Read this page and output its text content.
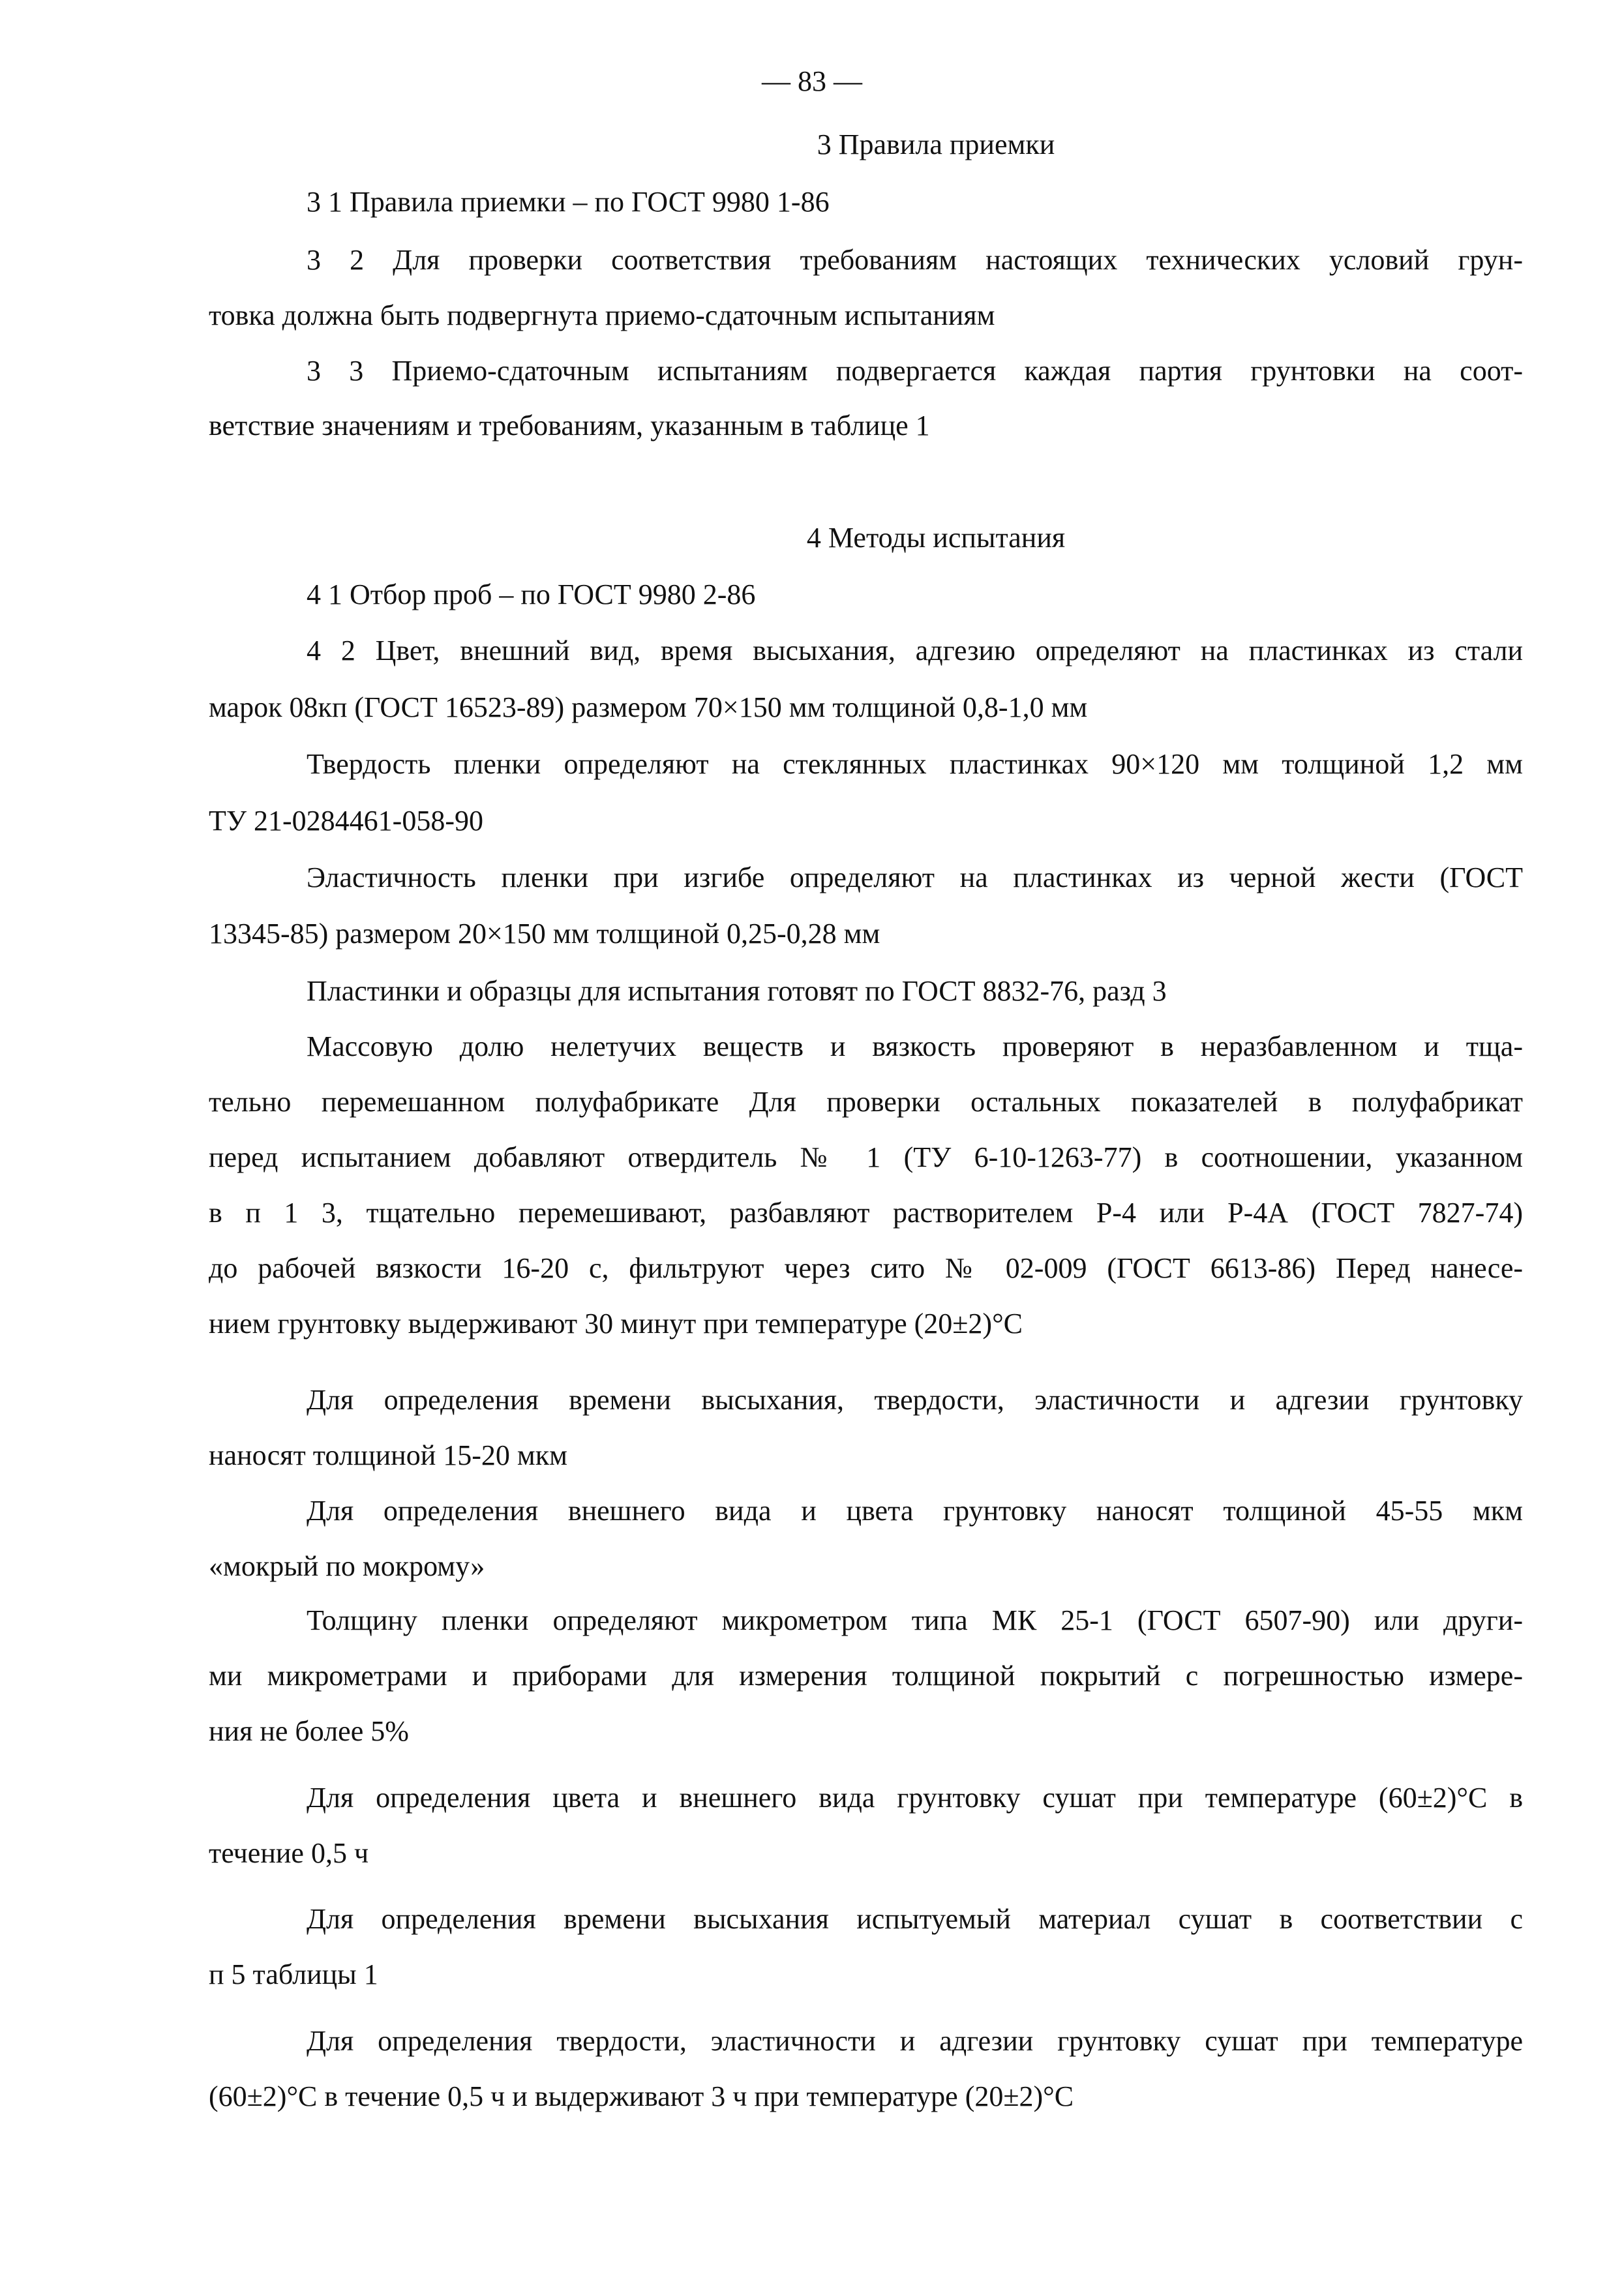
— 83 —
3 Правила приемки
3 1 Правила приемки – по ГОСТ 9980 1-86
3 2 Для проверки соответствия требованиям настоящих технических условий грун-
товка должна быть подвергнута приемо-сдаточным испытаниям
3 3 Приемо-сдаточным испытаниям подвергается каждая партия грунтовки на соот-
ветствие значениям и требованиям, указанным в таблице 1
4 Методы испытания
4 1 Отбор проб – по ГОСТ 9980 2-86
4 2 Цвет, внешний вид, время высыхания, адгезию определяют на пластинках из стали
марок 08кп (ГОСТ 16523-89) размером 70×150 мм толщиной 0,8-1,0 мм
Твердость пленки определяют на стеклянных пластинках 90×120 мм толщиной 1,2 мм
ТУ 21-0284461-058-90
Эластичность пленки при изгибе определяют на пластинках из черной жести (ГОСТ
13345-85) размером 20×150 мм толщиной 0,25-0,28 мм
Пластинки и образцы для испытания готовят по ГОСТ 8832-76, разд 3
Массовую долю нелетучих веществ и вязкость проверяют в неразбавленном и тща-
тельно перемешанном полуфабрикате Для проверки остальных показателей в полуфабрикат
перед испытанием добавляют отвердитель № 1 (ТУ 6-10-1263-77) в соотношении, указанном
в п 1 3, тщательно перемешивают, разбавляют растворителем Р-4 или Р-4А (ГОСТ 7827-74)
до рабочей вязкости 16-20 с, фильтруют через сито № 02-009 (ГОСТ 6613-86) Перед нанесе-
нием грунтовку выдерживают 30 минут при температуре (20±2)°С
Для определения времени высыхания, твердости, эластичности и адгезии грунтовку
наносят толщиной 15-20 мкм
Для определения внешнего вида и цвета грунтовку наносят толщиной 45-55 мкм
«мокрый по мокрому»
Толщину пленки определяют микрометром типа МК 25-1 (ГОСТ 6507-90) или други-
ми микрометрами и приборами для измерения толщиной покрытий с погрешностью измере-
ния не более 5%
Для определения цвета и внешнего вида грунтовку сушат при температуре (60±2)°С в
течение 0,5 ч
Для определения времени высыхания испытуемый материал сушат в соответствии с
п 5 таблицы 1
Для определения твердости, эластичности и адгезии грунтовку сушат при температуре
(60±2)°С в течение 0,5 ч и выдерживают 3 ч при температуре (20±2)°С
